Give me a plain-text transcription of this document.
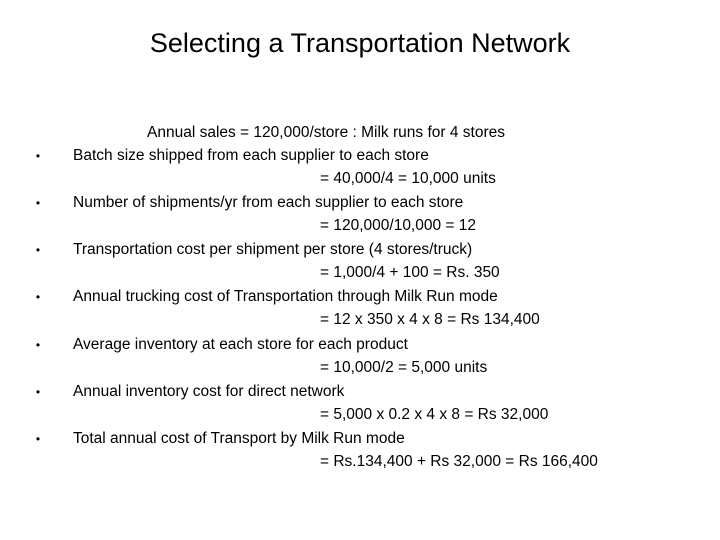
Selecting a Transportation Network
Annual sales = 120,000/store : Milk runs for 4 stores
• Batch size shipped from each supplier to each store
= 40,000/4 = 10,000 units
• Number of shipments/yr from each supplier to each store
= 120,000/10,000 = 12
• Transportation cost per shipment per store (4 stores/truck)
= 1,000/4 + 100 = Rs. 350
• Annual trucking cost of Transportation through Milk Run mode
= 12 x 350 x 4 x 8 = Rs 134,400
• Average inventory at each store for each product
= 10,000/2 = 5,000 units
• Annual inventory cost for direct network
= 5,000 x 0.2 x 4 x 8 = Rs 32,000
• Total annual cost of Transport by Milk Run mode
= Rs.134,400 + Rs 32,000 = Rs 166,400
